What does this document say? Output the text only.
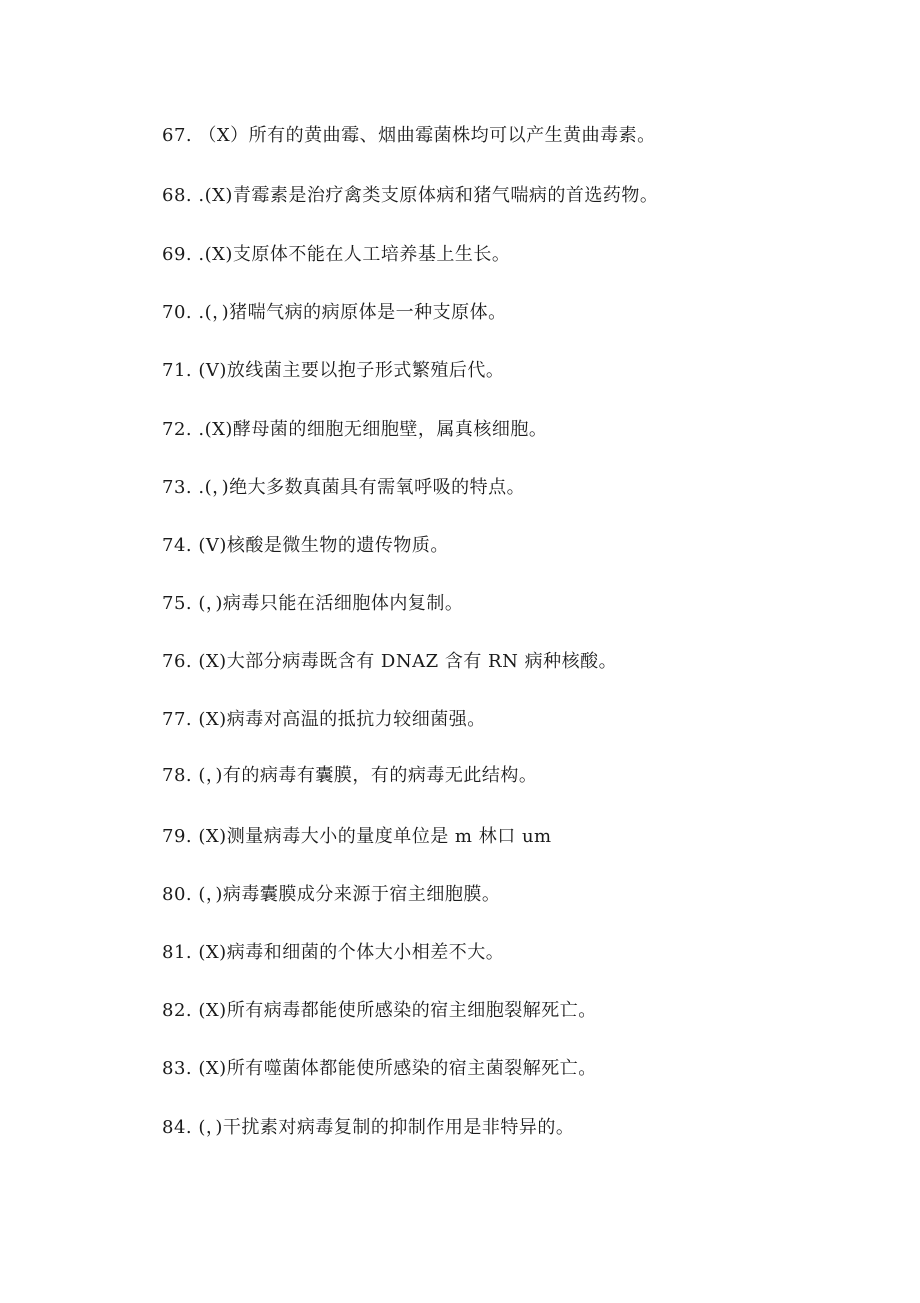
67. （X）所有的黄曲霉、烟曲霉菌株均可以产生黄曲毒素。
68. .(X)青霉素是治疗禽类支原体病和猪气喘病的首选药物。
69. .(X)支原体不能在人工培养基上生长。
70. .(，)猪喘气病的病原体是一种支原体。
71. (V)放线菌主要以抱子形式繁殖后代。
72. .(X)酵母菌的细胞无细胞壁，属真核细胞。
73. .(，)绝大多数真菌具有需氧呼吸的特点。
74. (V)核酸是微生物的遗传物质。
75. (，)病毒只能在活细胞体内复制。
76. (X)大部分病毒既含有 DNAZ 含有 RN 病种核酸。
77. (X)病毒对高温的抵抗力较细菌强。
78. (，)有的病毒有囊膜，有的病毒无此结构。
79. (X)测量病毒大小的量度单位是 m 林口 um
80. (，)病毒囊膜成分来源于宿主细胞膜。
81. (X)病毒和细菌的个体大小相差不大。
82. (X)所有病毒都能使所感染的宿主细胞裂解死亡。
83. (X)所有噬菌体都能使所感染的宿主菌裂解死亡。
84. (，)干扰素对病毒复制的抑制作用是非特异的。
